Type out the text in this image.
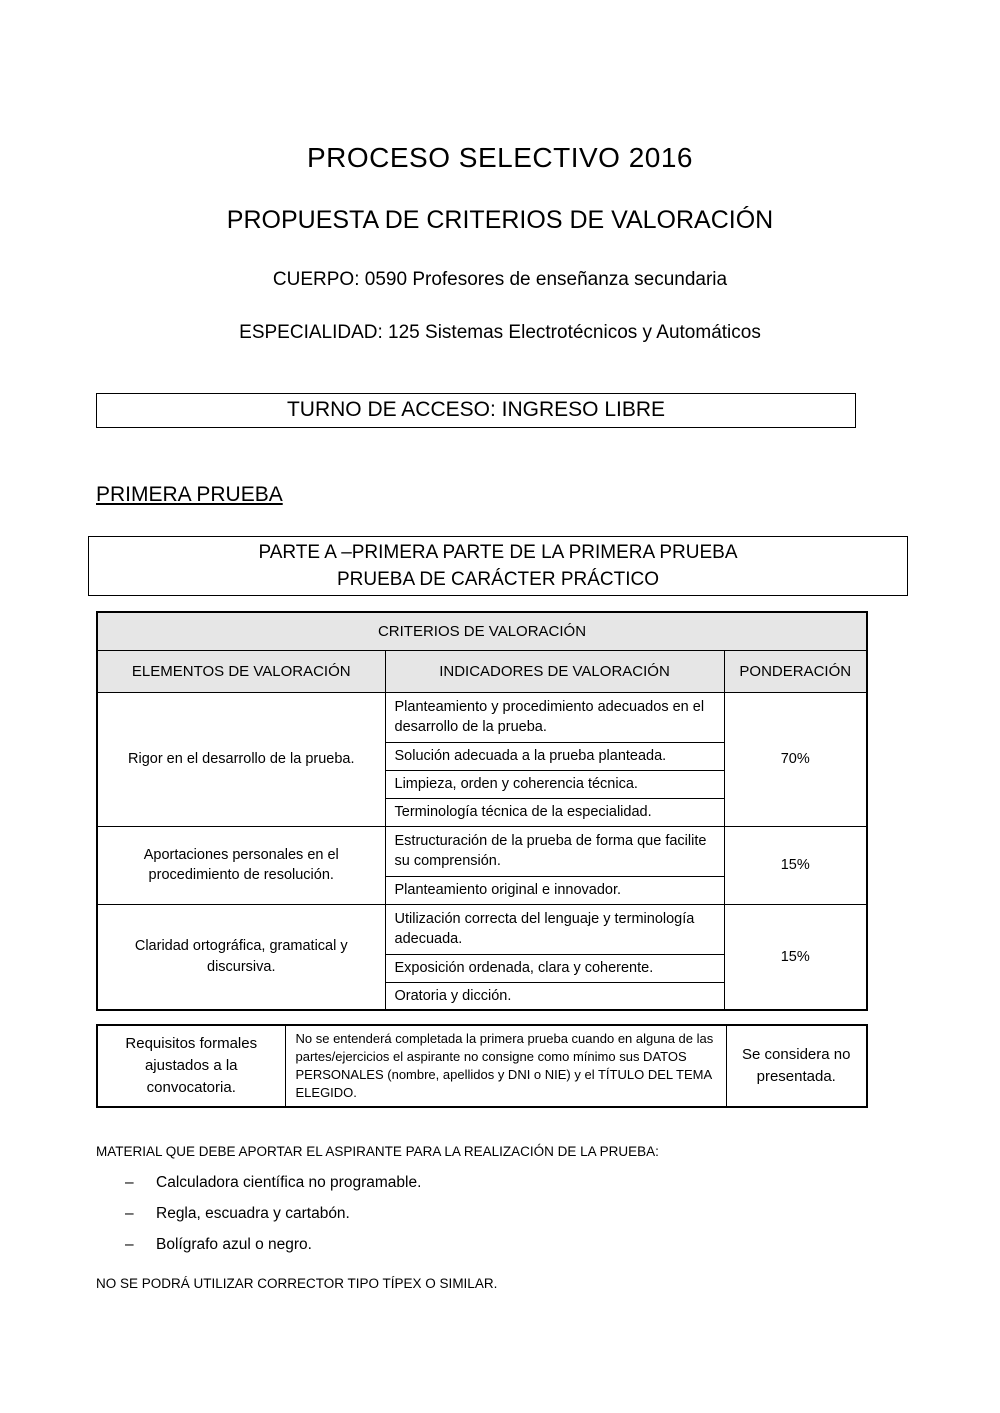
PROCESO SELECTIVO 2016
PROPUESTA DE CRITERIOS DE VALORACIÓN
CUERPO: 0590 Profesores de enseñanza secundaria
ESPECIALIDAD: 125 Sistemas Electrotécnicos y Automáticos
TURNO DE ACCESO: INGRESO LIBRE
PRIMERA PRUEBA
PARTE A –PRIMERA PARTE DE LA PRIMERA PRUEBA
PRUEBA DE CARÁCTER PRÁCTICO
CRITERIOS DE VALORACIÓN		
ELEMENTOS DE VALORACIÓN	INDICADORES DE VALORACIÓN	PONDERACIÓN
Rigor en el desarrollo de la prueba.	Planteamiento y procedimiento adecuados en el desarrollo de la prueba.	70%
	Solución adecuada a la prueba planteada.	
	Limpieza, orden y coherencia técnica.	
	Terminología técnica de la especialidad.	
Aportaciones personales en el procedimiento de resolución.	Estructuración de la prueba de forma que facilite su comprensión.	15%
	Planteamiento original e innovador.	
Claridad ortográfica, gramatical y discursiva.	Utilización correcta del lenguaje y terminología adecuada.	15%
	Exposición ordenada, clara y coherente.	
	Oratoria y dicción.	
Requisitos formales ajustados a la convocatoria.	No se entenderá completada la primera prueba cuando en alguna de las partes/ejercicios el aspirante no consigne como mínimo sus DATOS PERSONALES (nombre, apellidos y DNI o NIE) y el TÍTULO DEL TEMA ELEGIDO.	Se considera no presentada.
MATERIAL QUE DEBE APORTAR EL ASPIRANTE PARA LA REALIZACIÓN DE LA PRUEBA:
–	Calculadora científica no programable.
–	Regla, escuadra y cartabón.
–	Bolígrafo azul o negro.
NO SE PODRÁ UTILIZAR CORRECTOR TIPO TÍPEX O SIMILAR.
